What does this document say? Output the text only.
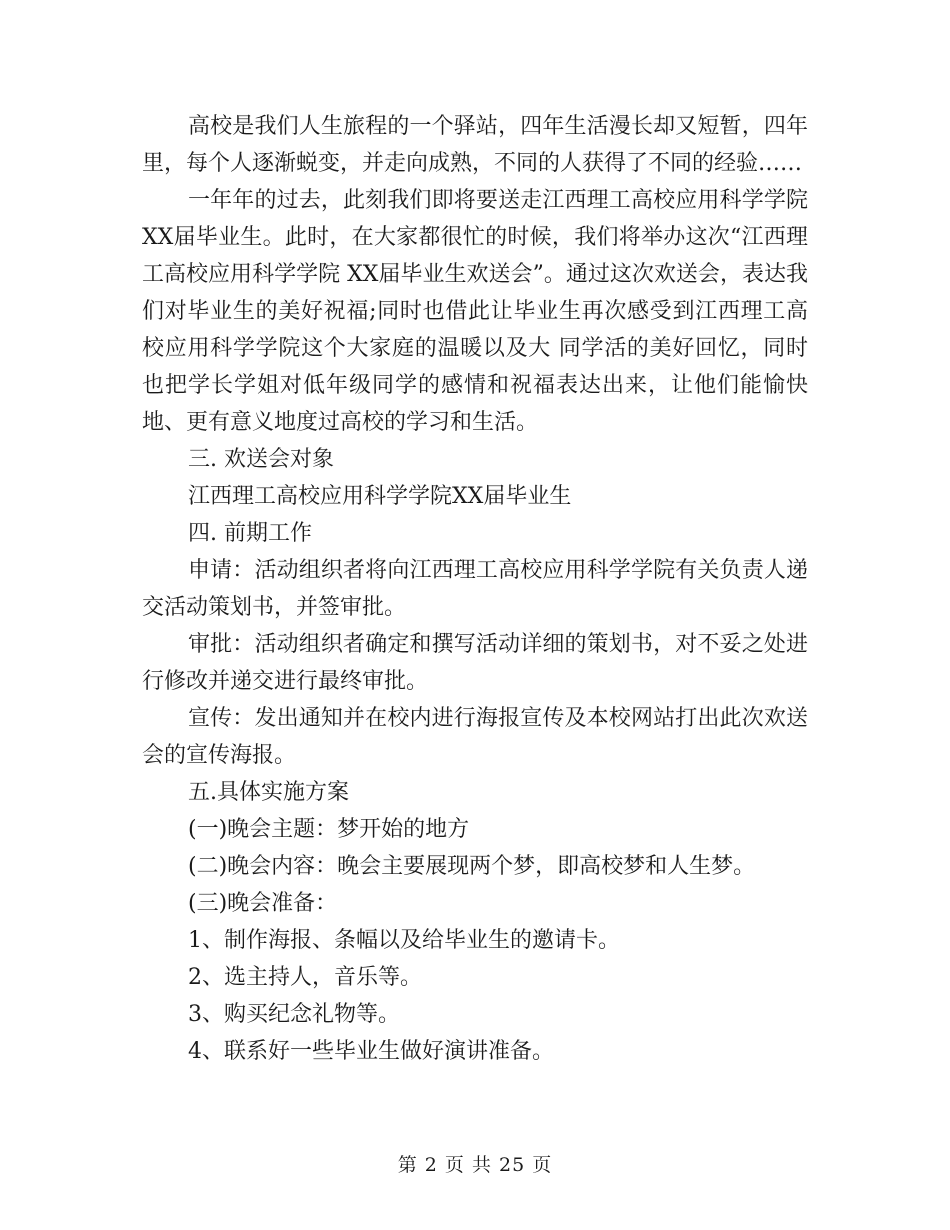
高校是我们人生旅程的一个驿站，四年生活漫长却又短暂，四年里，每个人逐渐蜕变，并走向成熟，不同的人获得了不同的经验……

一年年的过去，此刻我们即将要送走江西理工高校应用科学学院XX届毕业生。此时，在大家都很忙的时候，我们将举办这次“江西理工高校应用科学学院 XX届毕业生欢送会”。通过这次欢送会，表达我们对毕业生的美好祝福;同时也借此让毕业生再次感受到江西理工高校应用科学学院这个大家庭的温暖以及大 同学活的美好回忆，同时也把学长学姐对低年级同学的感情和祝福表达出来，让他们能愉快地、更有意义地度过高校的学习和生活。

三. 欢送会对象

江西理工高校应用科学学院XX届毕业生

四. 前期工作

申请：活动组织者将向江西理工高校应用科学学院有关负责人递交活动策划书，并签审批。

审批：活动组织者确定和撰写活动详细的策划书，对不妥之处进行修改并递交进行最终审批。

宣传：发出通知并在校内进行海报宣传及本校网站打出此次欢送会的宣传海报。

五.具体实施方案

(一)晚会主题：梦开始的地方

(二)晚会内容：晚会主要展现两个梦，即高校梦和人生梦。

(三)晚会准备：

1、制作海报、条幅以及给毕业生的邀请卡。

2、选主持人，音乐等。

3、购买纪念礼物等。

4、联系好一些毕业生做好演讲准备。

第 2 页 共 25 页
